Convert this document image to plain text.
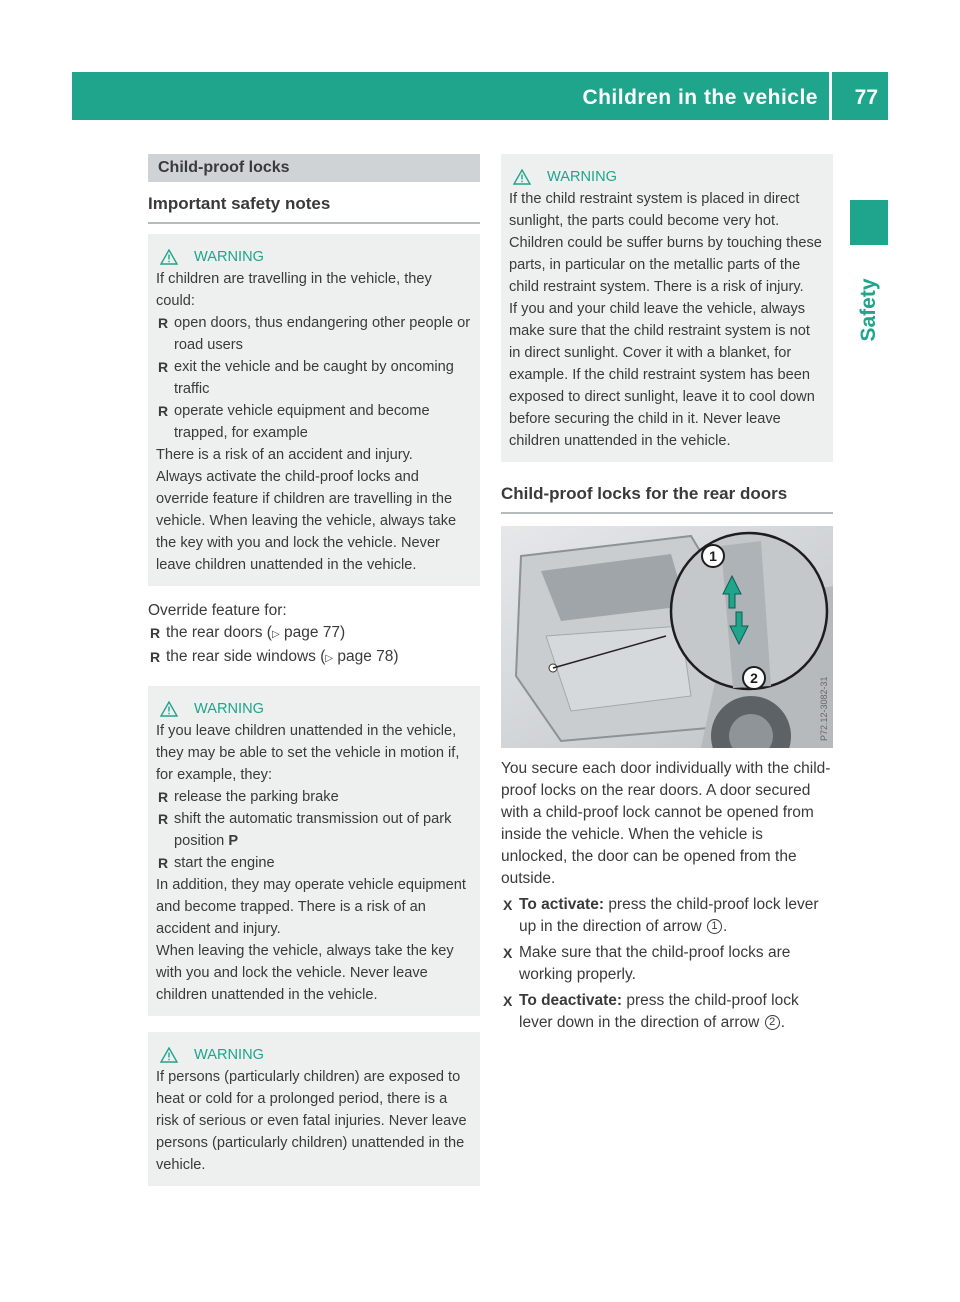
Children in the vehicle 77
Safety
Child-proof locks
Important safety notes
WARNING

If children are travelling in the vehicle, they could:

R open doors, thus endangering other people or road users

R exit the vehicle and be caught by oncoming traffic

R operate vehicle equipment and become trapped, for example

There is a risk of an accident and injury.

Always activate the child-proof locks and override feature if children are travelling in the vehicle. When leaving the vehicle, always take the key with you and lock the vehicle. Never leave children unattended in the vehicle.

Override feature for:
R the rear doors (▷ page 77)
R the rear side windows (▷ page 78)
WARNING

If you leave children unattended in the vehicle, they may be able to set the vehicle in motion if, for example, they:

R release the parking brake

R shift the automatic transmission out of park position P

R start the engine

In addition, they may operate vehicle equipment and become trapped. There is a risk of an accident and injury.

When leaving the vehicle, always take the key with you and lock the vehicle. Never leave children unattended in the vehicle.

WARNING

If persons (particularly children) are exposed to heat or cold for a prolonged period, there is a risk of serious or even fatal injuries. Never leave persons (particularly children) unattended in the vehicle.

WARNING

If the child restraint system is placed in direct sunlight, the parts could become very hot. Children could be suffer burns by touching these parts, in particular on the metallic parts of the child restraint system. There is a risk of injury.

If you and your child leave the vehicle, always make sure that the child restraint system is not in direct sunlight. Cover it with a blanket, for example. If the child restraint system has been exposed to direct sunlight, leave it to cool down before securing the child in it. Never leave children unattended in the vehicle.

Child-proof locks for the rear doors
1
2	P72.12-3082-31
You secure each door individually with the child-proof locks on the rear doors. A door secured with a child-proof lock cannot be opened from inside the vehicle. When the vehicle is unlocked, the door can be opened from the outside.
X To activate: press the child-proof lock lever up in the direction of arrow 1 .
X Make sure that the child-proof locks are working properly.
X To deactivate: press the child-proof lock lever down in the direction of arrow 2 .
